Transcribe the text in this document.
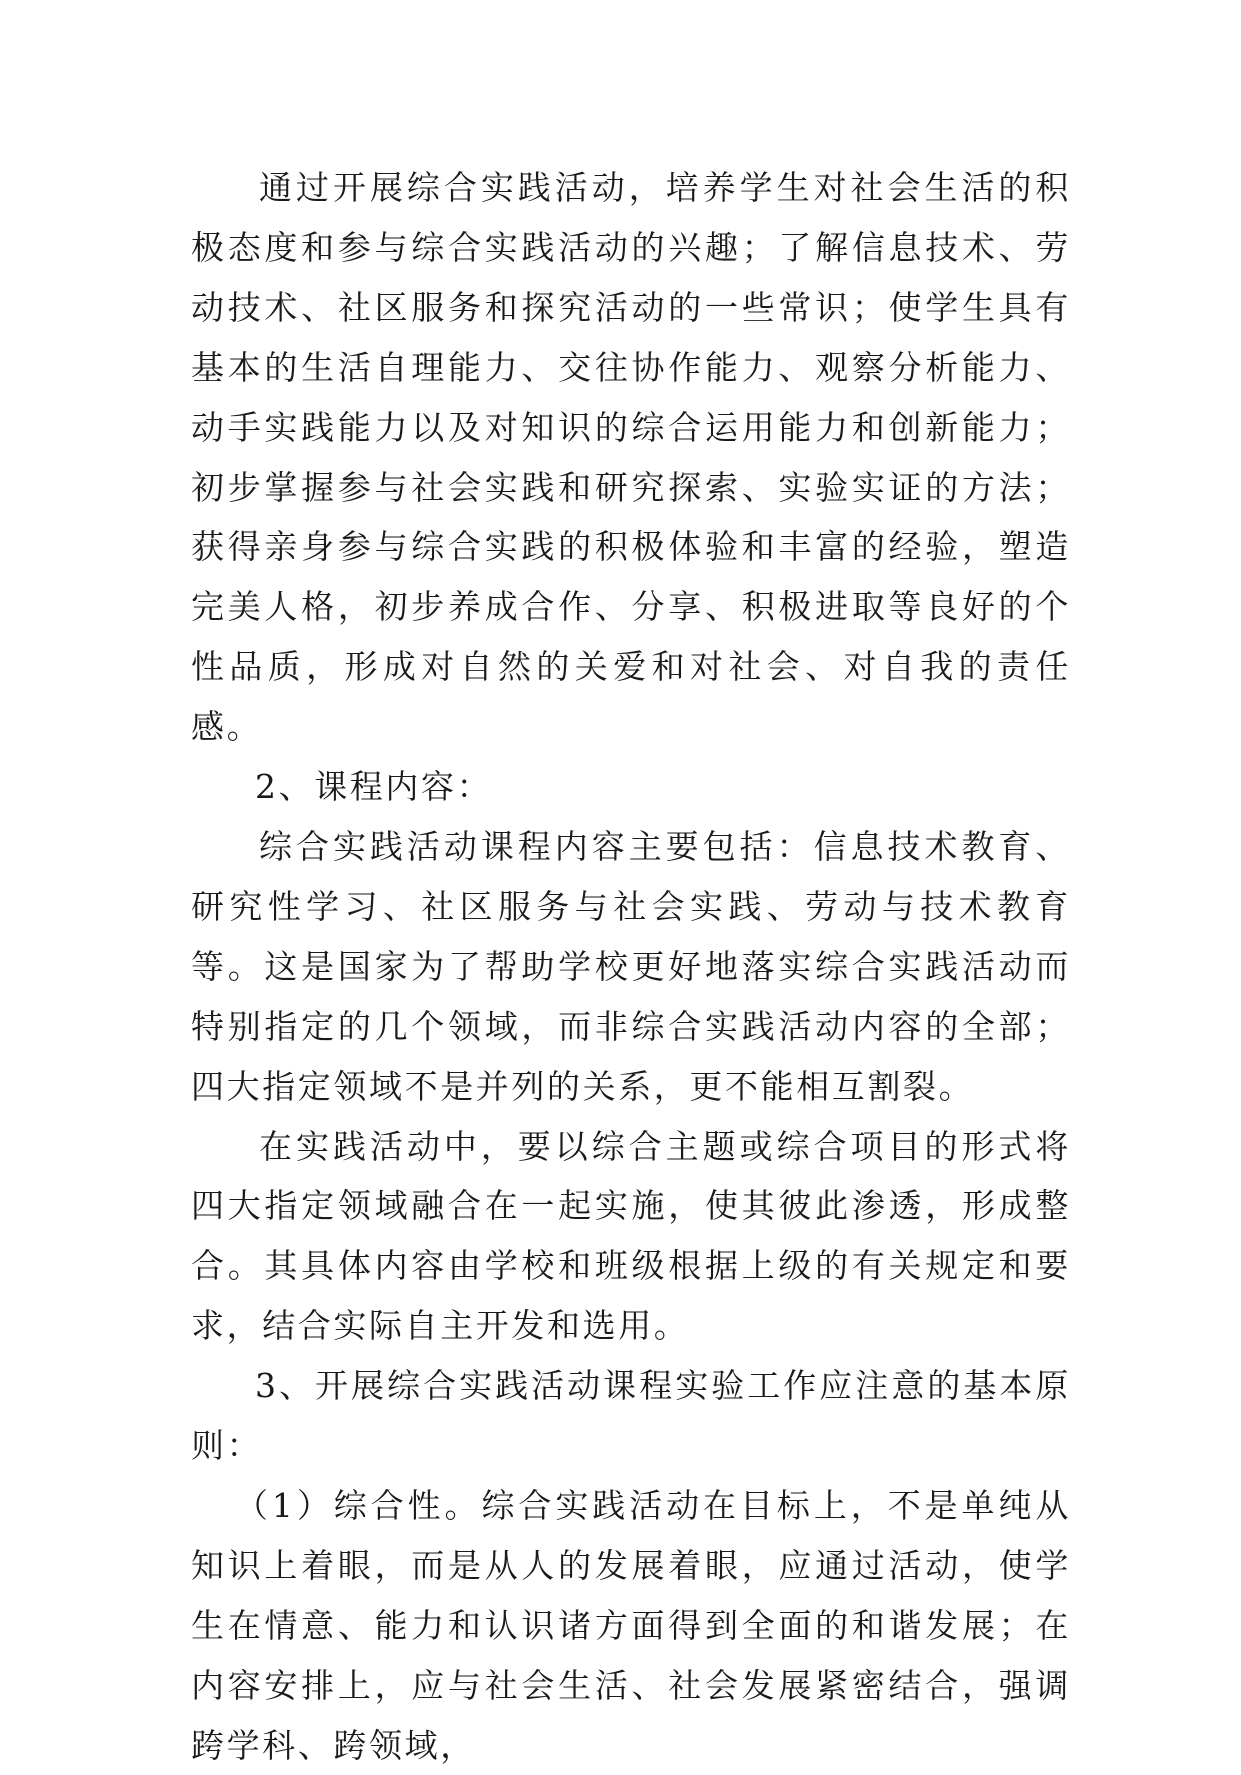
通过开展综合实践活动，培养学生对社会生活的积极态度和参与综合实践活动的兴趣；了解信息技术、劳动技术、社区服务和探究活动的一些常识；使学生具有基本的生活自理能力、交往协作能力、观察分析能力、动手实践能力以及对知识的综合运用能力和创新能力；初步掌握参与社会实践和研究探索、实验实证的方法；获得亲身参与综合实践的积极体验和丰富的经验，塑造完美人格，初步养成合作、分享、积极进取等良好的个性品质，形成对自然的关爱和对社会、对自我的责任感。

2、课程内容：

综合实践活动课程内容主要包括：信息技术教育、研究性学习、社区服务与社会实践、劳动与技术教育等。这是国家为了帮助学校更好地落实综合实践活动而特别指定的几个领域，而非综合实践活动内容的全部；四大指定领域不是并列的关系，更不能相互割裂。

在实践活动中，要以综合主题或综合项目的形式将四大指定领域融合在一起实施，使其彼此渗透，形成整合。其具体内容由学校和班级根据上级的有关规定和要求，结合实际自主开发和选用。

3、开展综合实践活动课程实验工作应注意的基本原则：

（1）综合性。综合实践活动在目标上，不是单纯从知识上着眼，而是从人的发展着眼，应通过活动，使学生在情意、能力和认识诸方面得到全面的和谐发展；在内容安排上，应与社会生活、社会发展紧密结合，强调跨学科、跨领域，
